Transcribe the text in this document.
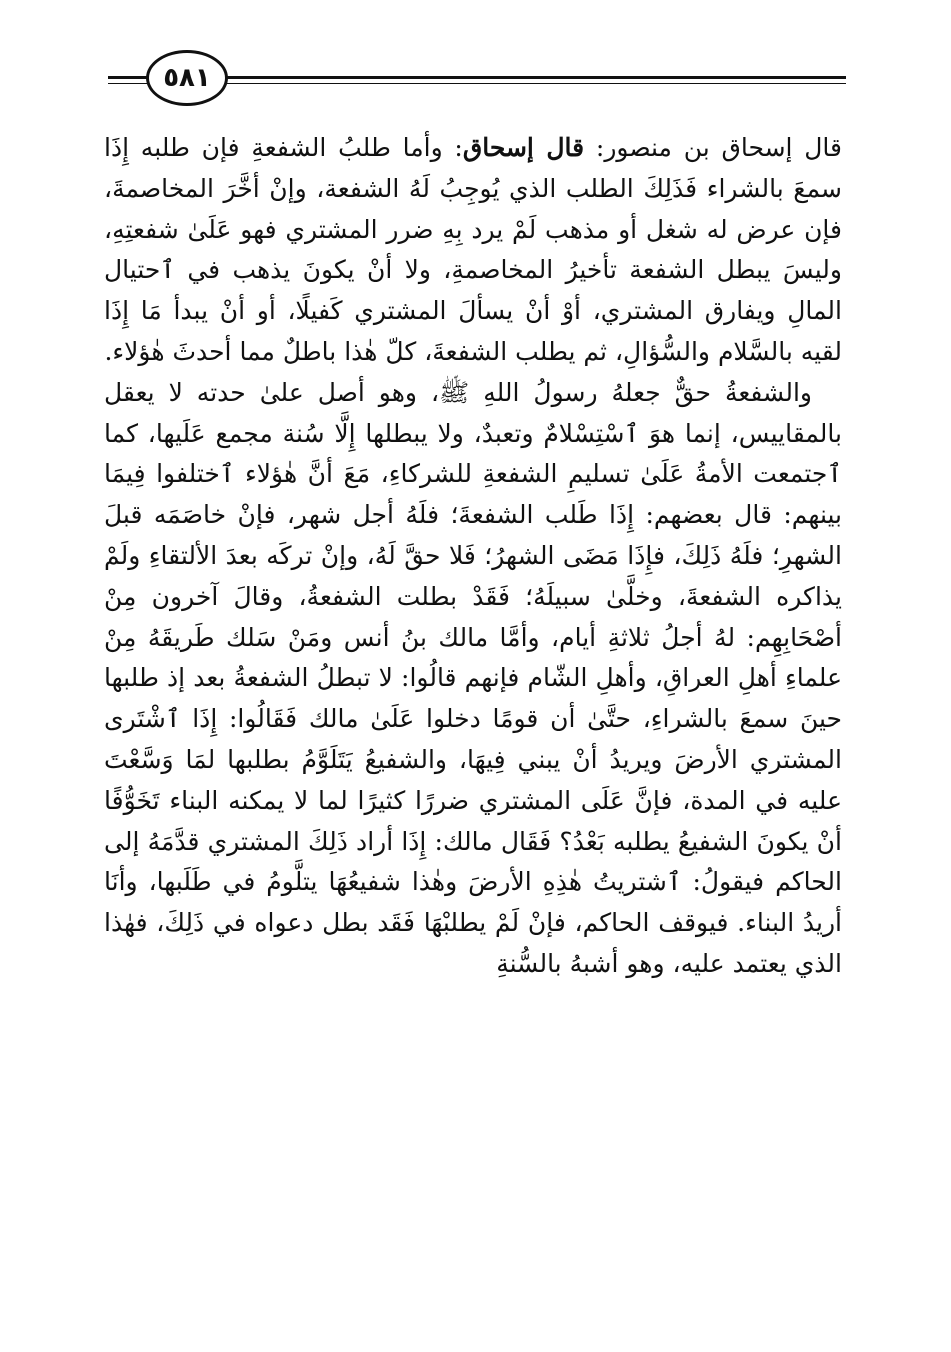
٥٨١

قال إسحاق بن منصور: قال إسحاق: وأما طلبُ الشفعةِ فإن طلبه إِذَا سمعَ بالشراء فَذَلِكَ الطلب الذي يُوجِبُ لَهُ الشفعة، وإنْ أخَّرَ المخاصمةَ، فإن عرض له شغل أو مذهب لَمْ يرد بِهِ ضرر المشتري فهو عَلَىٰ شفعتِهِ، وليسَ يبطل الشفعة تأخيرُ المخاصمةِ، ولا أنْ يكونَ يذهب في ٱحتيال المالِ ويفارق المشتري، أوْ أنْ يسألَ المشتري كَفيلًا، أو أنْ يبدأ مَا إِذَا لقيه بالسَّلام والسُّؤالِ، ثم يطلب الشفعةَ، كلّ هٰذا باطلٌ مما أحدثَ هٰؤلاء.

والشفعةُ حقٌّ جعلهُ رسولُ اللهِ ﷺ، وهو أصل علىٰ حدته لا يعقل بالمقاييس، إنما هوَ ٱسْتِسْلامٌ وتعبدٌ، ولا يبطلها إِلَّا سُنة مجمع عَلَيها، كما ٱجتمعت الأمةُ عَلَىٰ تسليمِ الشفعةِ للشركاءِ، مَعَ أنَّ هٰؤلاء ٱختلفوا فِيمَا بينهم: قال بعضهم: إِذَا طَلب الشفعةَ؛ فلَهُ أجل شهر، فإنْ خاصَمَه قبلَ الشهرِ؛ فلَهُ ذَلِكَ، فإِذَا مَضَى الشهرُ؛ فَلا حقَّ لَهُ، وإنْ تركَه بعدَ الألتقاءِ ولَمْ يذاكره الشفعةَ، وخلَّىٰ سبيلَهُ؛ فَقَدْ بطلت الشفعةُ، وقالَ آخرون مِنْ أصْحَابِهِم: لهُ أجلُ ثلاثةِ أيام، وأمَّا مالك بنُ أنس ومَنْ سَلك طَريقَهُ مِنْ علماءِ أهلِ العراقِ، وأهلِ الشّام فإنهم قالُوا: لا تبطلُ الشفعةُ بعد إذ طلبها حينَ سمعَ بالشراءِ، حتَّىٰ أن قومًا دخلوا عَلَىٰ مالك فَقَالُوا: إِذَا ٱشْتَرى المشتري الأرضَ ويريدُ أنْ يبني فِيهَا، والشفيعُ يَتَلَوَّمُ بطلبها لمَا وَسَّعْتَ عليه في المدة، فإنَّ عَلَى المشتري ضررًا كثيرًا لما لا يمكنه البناء تَخَوُّفًا أنْ يكونَ الشفيعُ يطلبه بَعْدُ؟ فَقَال مالك: إِذَا أراد ذَلِكَ المشتري قدَّمَهُ إلى الحاكم فيقولُ: ٱشتريتُ هٰذِهِ الأرضَ وهٰذا شفيعُهَا يتلَّومُ في طَلَبها، وأنَا أريدُ البناء. فيوقف الحاكم، فإنْ لَمْ يطلبْهَا فَقَد بطل دعواه في ذَلِكَ، فهٰذا الذي يعتمد عليه، وهو أشبهُ بالسُّنةِ
